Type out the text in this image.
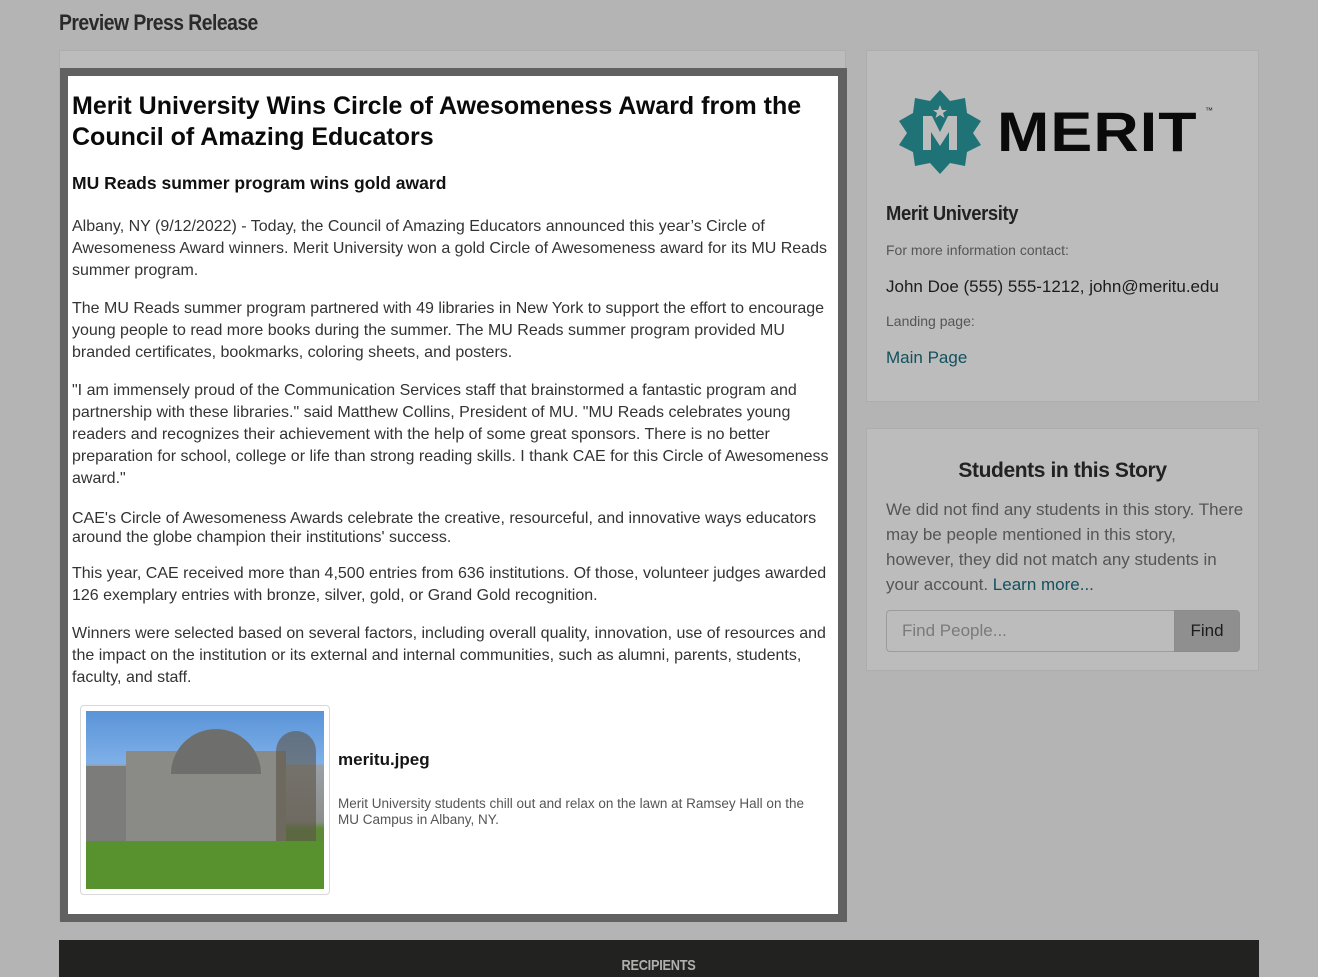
Preview Press Release
Merit University Wins Circle of Awesomeness Award from the Council of Amazing Educators
MU Reads summer program wins gold award

Albany, NY (9/12/2022) - Today, the Council of Amazing Educators announced this year’s Circle of Awesomeness Award winners. Merit University won a gold Circle of Awesomeness award for its MU Reads summer program.

The MU Reads summer program partnered with 49 libraries in New York to support the effort to encourage young people to read more books during the summer. The MU Reads summer program provided MU branded certificates, bookmarks, coloring sheets, and posters.

"I am immensely proud of the Communication Services staff that brainstormed a fantastic program and partnership with these libraries." said Matthew Collins, President of MU. "MU Reads celebrates young readers and recognizes their achievement with the help of some great sponsors. There is no better preparation for school, college or life than strong reading skills. I thank CAE for this Circle of Awesomeness award."

CAE's Circle of Awesomeness Awards celebrate the creative, resourceful, and innovative ways educators around the globe champion their institutions' success.

This year, CAE received more than 4,500 entries from 636 institutions. Of those, volunteer judges awarded 126 exemplary entries with bronze, silver, gold, or Grand Gold recognition.

Winners were selected based on several factors, including overall quality, innovation, use of resources and the impact on the institution or its external and internal communities, such as alumni, parents, students, faculty, and staff.

meritu.jpeg
Merit University students chill out and relax on the lawn at Ramsey Hall on the MU Campus in Albany, NY.
MERIT ™
Merit University
For more information contact:
John Doe (555) 555-1212, john@meritu.edu
Landing page:
Main Page
Students in this Story
We did not find any students in this story. There may be people mentioned in this story, however, they did not match any students in your account. Learn more...
Find People...
Find
RECIPIENTS
